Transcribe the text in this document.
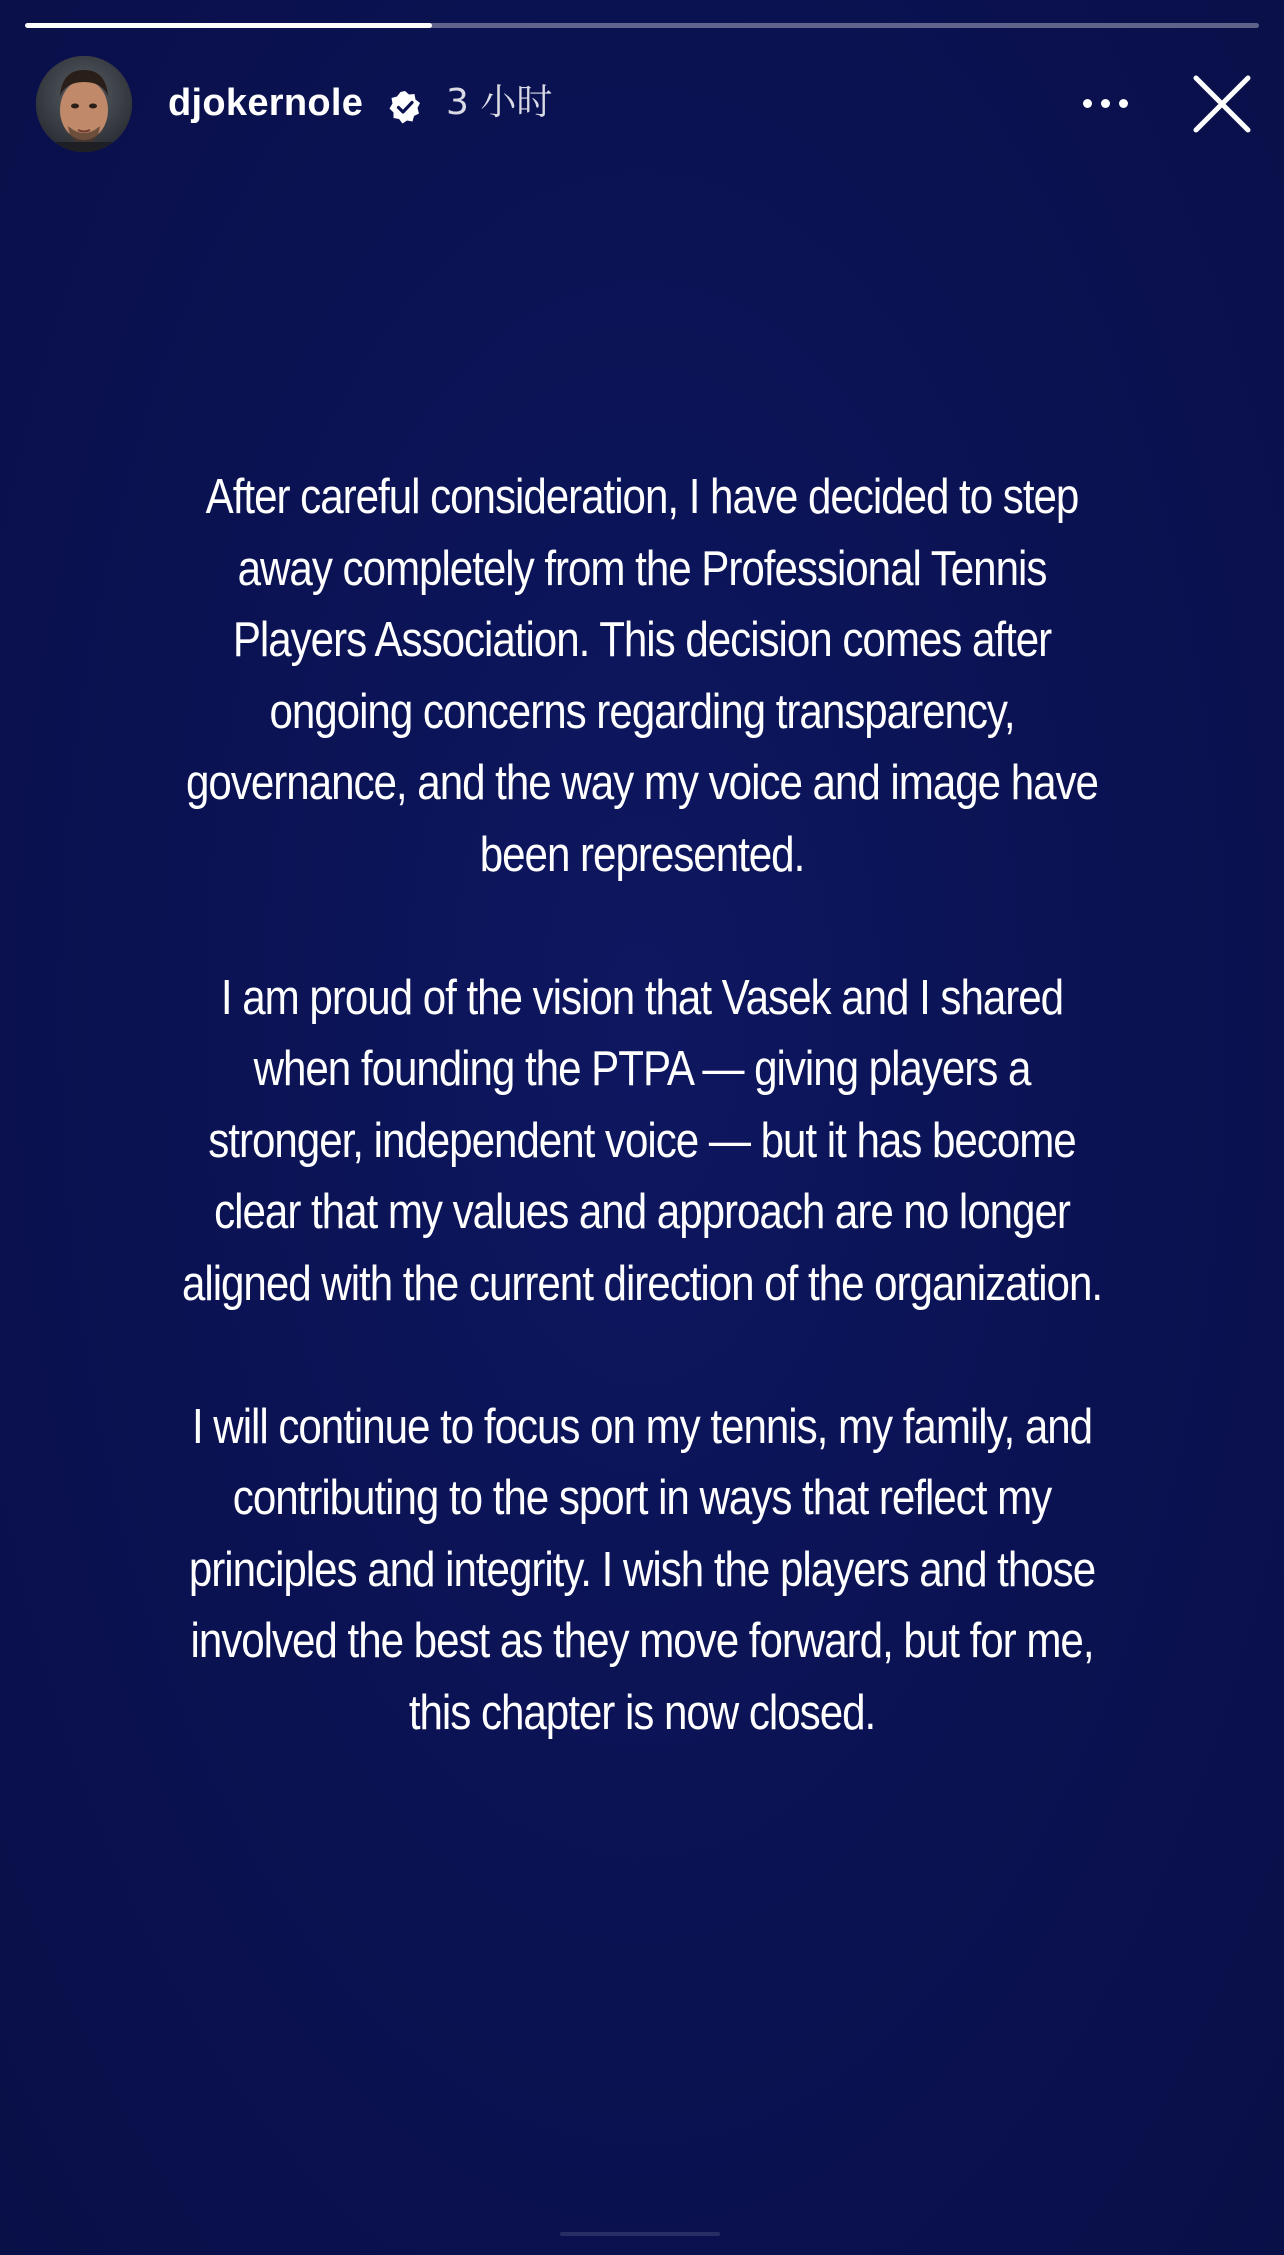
djokernole 3 小时

After careful consideration, I have decided to step away completely from the Professional Tennis Players Association. This decision comes after ongoing concerns regarding transparency, governance, and the way my voice and image have been represented.

I am proud of the vision that Vasek and I shared when founding the PTPA — giving players a stronger, independent voice — but it has become clear that my values and approach are no longer aligned with the current direction of the organization.

I will continue to focus on my tennis, my family, and contributing to the sport in ways that reflect my principles and integrity. I wish the players and those involved the best as they move forward, but for me, this chapter is now closed.
